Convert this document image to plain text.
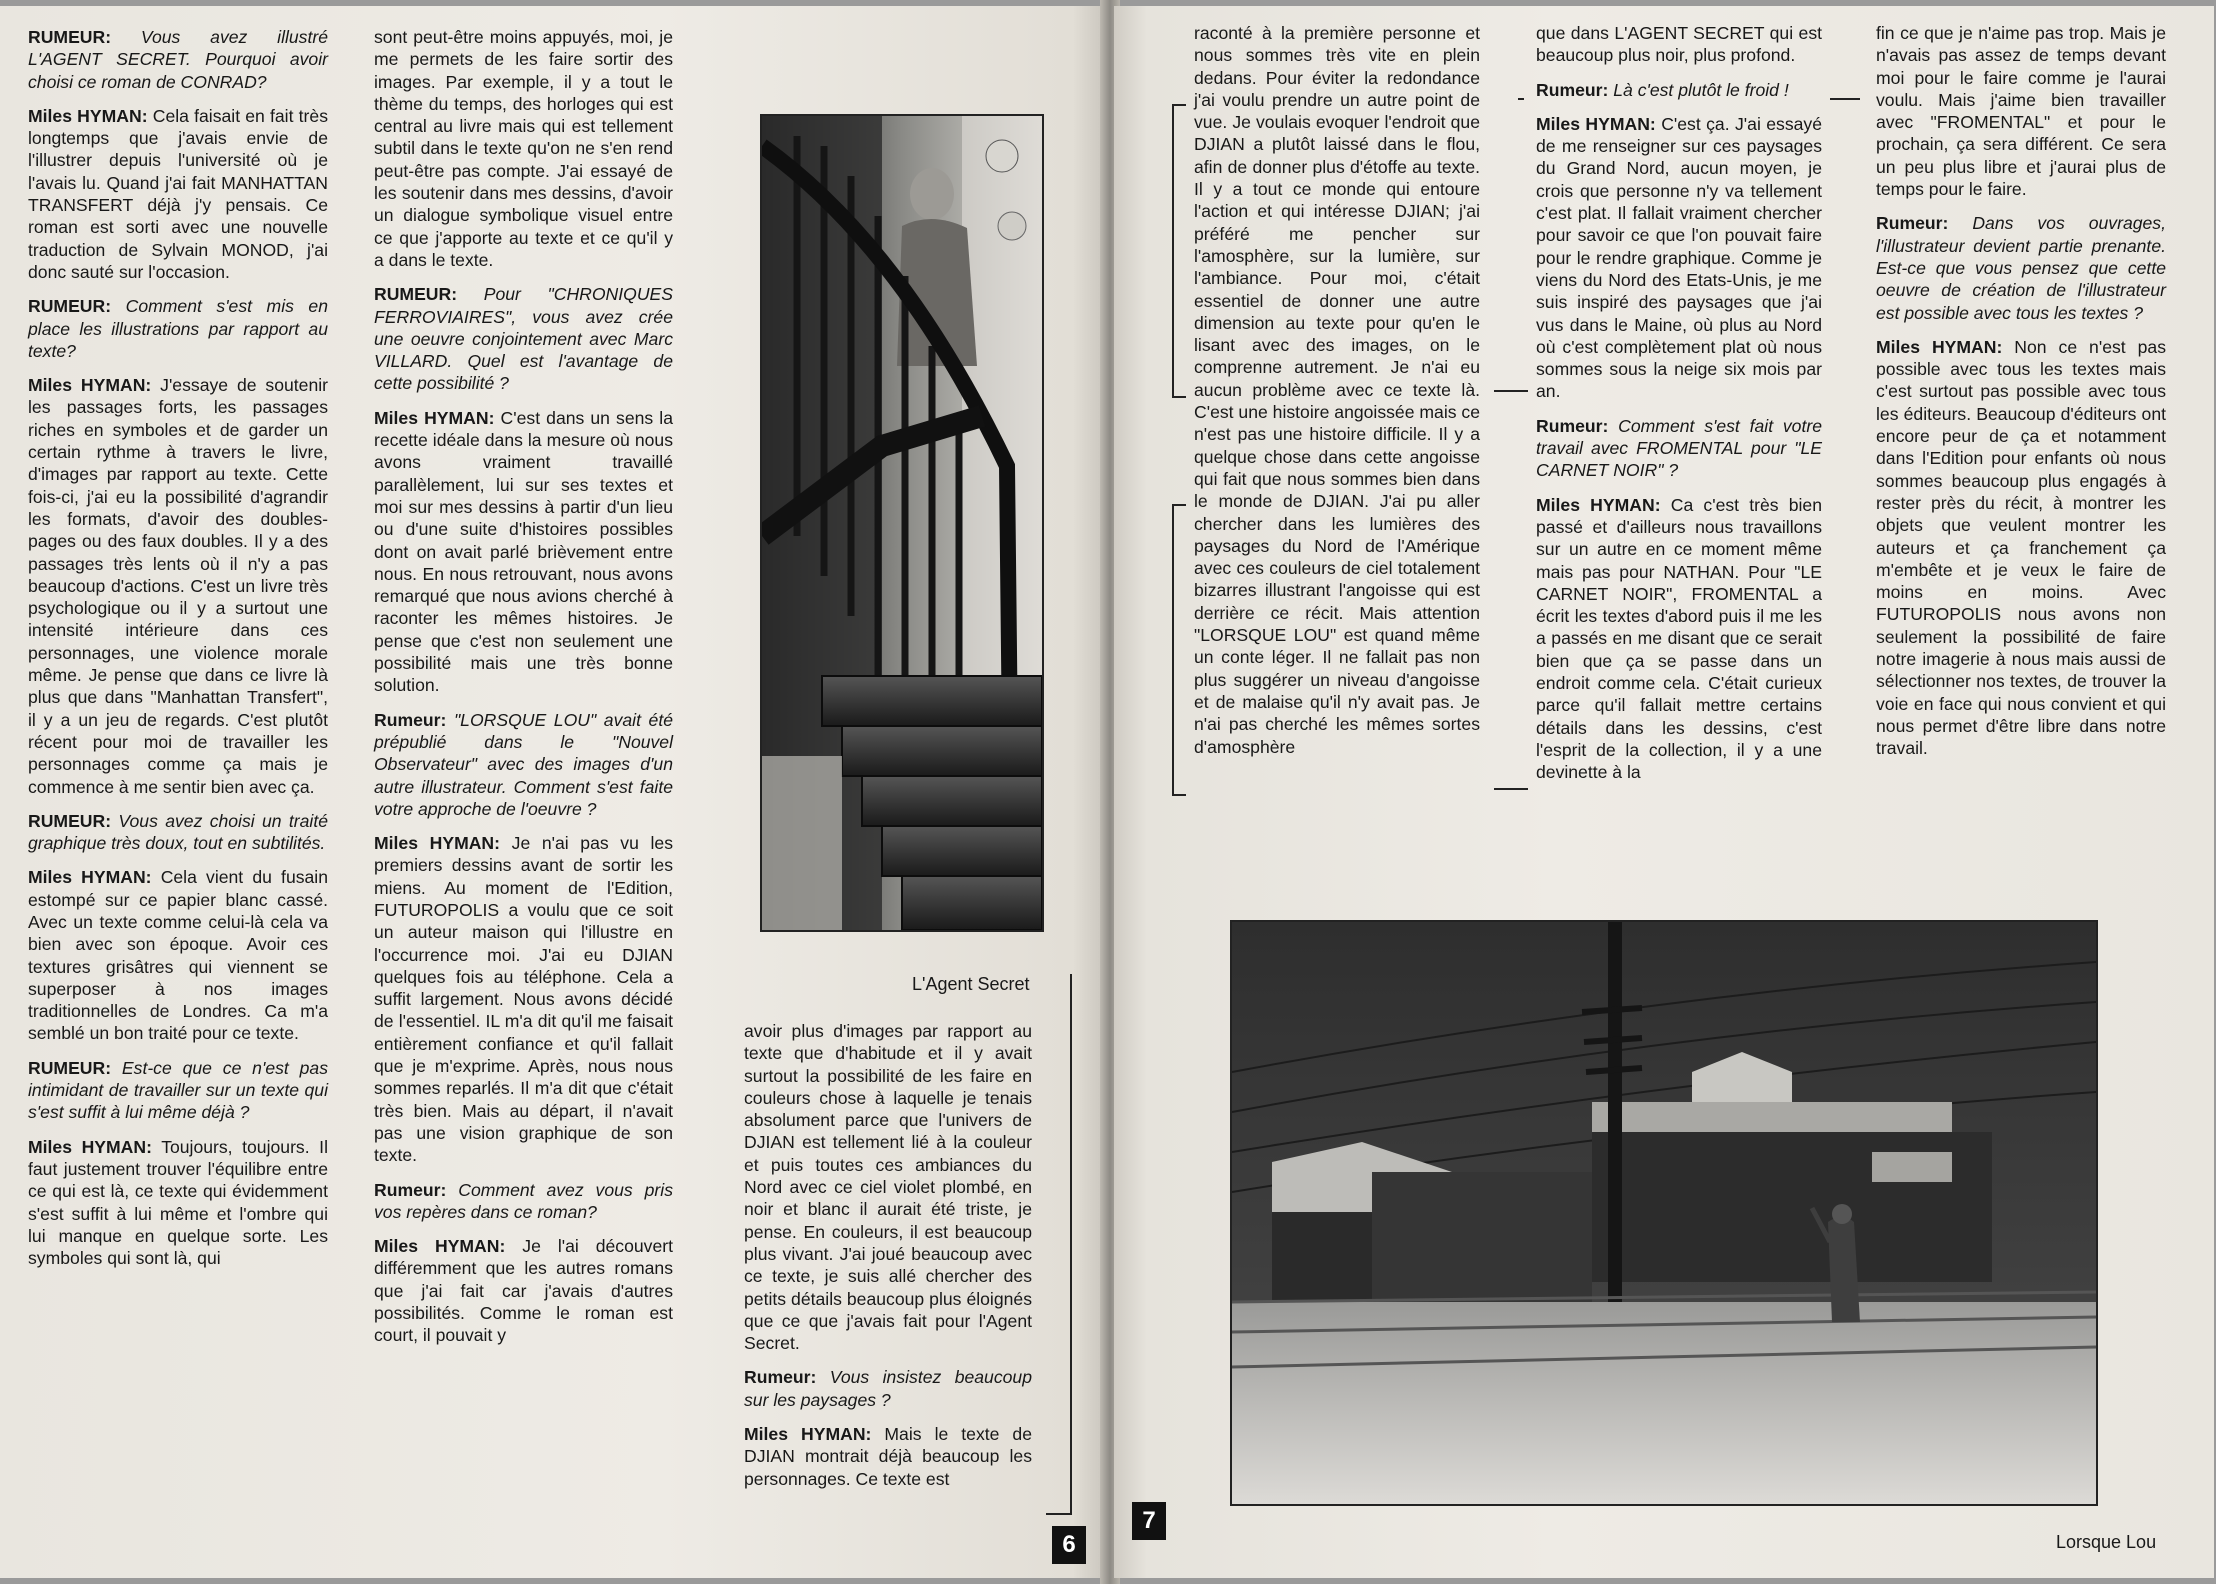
RUMEUR: Vous avez illustré L'AGENT SECRET. Pourquoi avoir choisi ce roman de CONRAD?

Miles HYMAN: Cela faisait en fait très longtemps que j'avais envie de l'illustrer depuis l'université où je l'avais lu. Quand j'ai fait MANHATTAN TRANSFERT déjà j'y pensais. Ce roman est sorti avec une nouvelle traduction de Sylvain MONOD, j'ai donc sauté sur l'occasion.

RUMEUR: Comment s'est mis en place les illustrations par rapport au texte?

Miles HYMAN: J'essaye de soutenir les passages forts, les passages riches en symboles et de garder un certain rythme à travers le livre, d'images par rapport au texte. Cette fois-ci, j'ai eu la possibilité d'agrandir les formats, d'avoir des doubles-pages ou des faux doubles. Il y a des passages très lents où il n'y a pas beaucoup d'actions. C'est un livre très psychologique ou il y a surtout une intensité intérieure dans ces personnages, une violence morale même. Je pense que dans ce livre là plus que dans "Manhattan Transfert", il y a un jeu de regards. C'est plutôt récent pour moi de travailler les personnages comme ça mais je commence à me sentir bien avec ça.

RUMEUR: Vous avez choisi un traité graphique très doux, tout en subtilités.

Miles HYMAN: Cela vient du fusain estompé sur ce papier blanc cassé. Avec un texte comme celui-là cela va bien avec son époque. Avoir ces textures grisâtres qui viennent se superposer à nos images traditionnelles de Londres. Ca m'a semblé un bon traité pour ce texte.

RUMEUR: Est-ce que ce n'est pas intimidant de travailler sur un texte qui s'est suffit à lui même déjà ?

Miles HYMAN: Toujours, toujours. Il faut justement trouver l'équilibre entre ce qui est là, ce texte qui évidemment s'est suffit à lui même et l'ombre qui lui manque en quelque sorte. Les symboles qui sont là, qui

sont peut-être moins appuyés, moi, je me permets de les faire sortir des images. Par exemple, il y a tout le thème du temps, des horloges qui est central au livre mais qui est tellement subtil dans le texte qu'on ne s'en rend peut-être pas compte. J'ai essayé de les soutenir dans mes dessins, d'avoir un dialogue symbolique visuel entre ce que j'apporte au texte et ce qu'il y a dans le texte.

RUMEUR: Pour "CHRONIQUES FERROVIAIRES", vous avez crée une oeuvre conjointement avec Marc VILLARD. Quel est l'avantage de cette possibilité ?

Miles HYMAN: C'est dans un sens la recette idéale dans la mesure où nous avons vraiment travaillé parallèlement, lui sur ses textes et moi sur mes dessins à partir d'un lieu ou d'une suite d'histoires possibles dont on avait parlé brièvement entre nous. En nous retrouvant, nous avons remarqué que nous avions cherché à raconter les mêmes histoires. Je pense que c'est non seulement une possibilité mais une très bonne solution.

Rumeur: "LORSQUE LOU" avait été prépublié dans le "Nouvel Observateur" avec des images d'un autre illustrateur. Comment s'est faite votre approche de l'oeuvre ?

Miles HYMAN: Je n'ai pas vu les premiers dessins avant de sortir les miens. Au moment de l'Edition, FUTUROPOLIS a voulu que ce soit un auteur maison qui l'illustre en l'occurrence moi. J'ai eu DJIAN quelques fois au téléphone. Cela a suffit largement. Nous avons décidé de l'essentiel. IL m'a dit qu'il me faisait entièrement confiance et qu'il fallait que je m'exprime. Après, nous nous sommes reparlés. Il m'a dit que c'était très bien. Mais au départ, il n'avait pas une vision graphique de son texte.

Rumeur: Comment avez vous pris vos repères dans ce roman?

Miles HYMAN: Je l'ai découvert différemment que les autres romans que j'ai fait car j'avais d'autres possibilités. Comme le roman est court, il pouvait y

L'Agent Secret

avoir plus d'images par rapport au texte que d'habitude et il y avait surtout la possibilité de les faire en couleurs chose à laquelle je tenais absolument parce que l'univers de DJIAN est tellement lié à la couleur et puis toutes ces ambiances du Nord avec ce ciel violet plombé, en noir et blanc il aurait été triste, je pense. En couleurs, il est beaucoup plus vivant. J'ai joué beaucoup avec ce texte, je suis allé chercher des petits détails beaucoup plus éloignés que ce que j'avais fait pour l'Agent Secret.

Rumeur: Vous insistez beaucoup sur les paysages ?

Miles HYMAN: Mais le texte de DJIAN montrait déjà beaucoup les personnages. Ce texte est

6

raconté à la première personne et nous sommes très vite en plein dedans. Pour éviter la redondance j'ai voulu prendre un autre point de vue. Je voulais evoquer l'endroit que DJIAN a plutôt laissé dans le flou, afin de donner plus d'étoffe au texte. Il y a tout ce monde qui entoure l'action et qui intéresse DJIAN; j'ai préféré me pencher sur l'amosphère, sur la lumière, sur l'ambiance. Pour moi, c'était essentiel de donner une autre dimension au texte pour qu'en le lisant avec des images, on le comprenne autrement. Je n'ai eu aucun problème avec ce texte là. C'est une histoire angoissée mais ce n'est pas une histoire difficile. Il y a quelque chose dans cette angoisse qui fait que nous sommes bien dans le monde de DJIAN. J'ai pu aller chercher dans les lumières des paysages du Nord de l'Amérique avec ces couleurs de ciel totalement bizarres illustrant l'angoisse qui est derrière ce récit. Mais attention "LORSQUE LOU" est quand même un conte léger. Il ne fallait pas non plus suggérer un niveau d'angoisse et de malaise qu'il n'y avait pas. Je n'ai pas cherché les mêmes sortes d'amosphère

que dans L'AGENT SECRET qui est beaucoup plus noir, plus profond.

Rumeur: Là c'est plutôt le froid !

Miles HYMAN: C'est ça. J'ai essayé de me renseigner sur ces paysages du Grand Nord, aucun moyen, je crois que personne n'y va tellement c'est plat. Il fallait vraiment chercher pour savoir ce que l'on pouvait faire pour le rendre graphique. Comme je viens du Nord des Etats-Unis, je me suis inspiré des paysages que j'ai vus dans le Maine, où plus au Nord où c'est complètement plat où nous sommes sous la neige six mois par an.

Rumeur: Comment s'est fait votre travail avec FROMENTAL pour "LE CARNET NOIR" ?

Miles HYMAN: Ca c'est très bien passé et d'ailleurs nous travaillons sur un autre en ce moment même mais pas pour NATHAN. Pour "LE CARNET NOIR", FROMENTAL a écrit les textes d'abord puis il me les a passés en me disant que ce serait bien que ça se passe dans un endroit comme cela. C'était curieux parce qu'il fallait mettre certains détails dans les dessins, c'est l'esprit de la collection, il y a une devinette à la

fin ce que je n'aime pas trop. Mais je n'avais pas assez de temps devant moi pour le faire comme je l'aurai voulu. Mais j'aime bien travailler avec "FROMENTAL" et pour le prochain, ça sera différent. Ce sera un peu plus libre et j'aurai plus de temps pour le faire.

Rumeur: Dans vos ouvrages, l'illustrateur devient partie prenante. Est-ce que vous pensez que cette oeuvre de création de l'illustrateur est possible avec tous les textes ?

Miles HYMAN: Non ce n'est pas possible avec tous les textes mais c'est surtout pas possible avec tous les éditeurs. Beaucoup d'éditeurs ont encore peur de ça et notamment dans l'Edition pour enfants où nous sommes beaucoup plus engagés à rester près du récit, à montrer les objets que veulent montrer les auteurs et ça franchement ça m'embête et je veux le faire de moins en moins. Avec FUTUROPOLIS nous avons non seulement la possibilité de faire notre imagerie à nous mais aussi de sélectionner nos textes, de trouver la voie en face qui nous convient et qui nous permet d'être libre dans notre travail.

7
Lorsque Lou
